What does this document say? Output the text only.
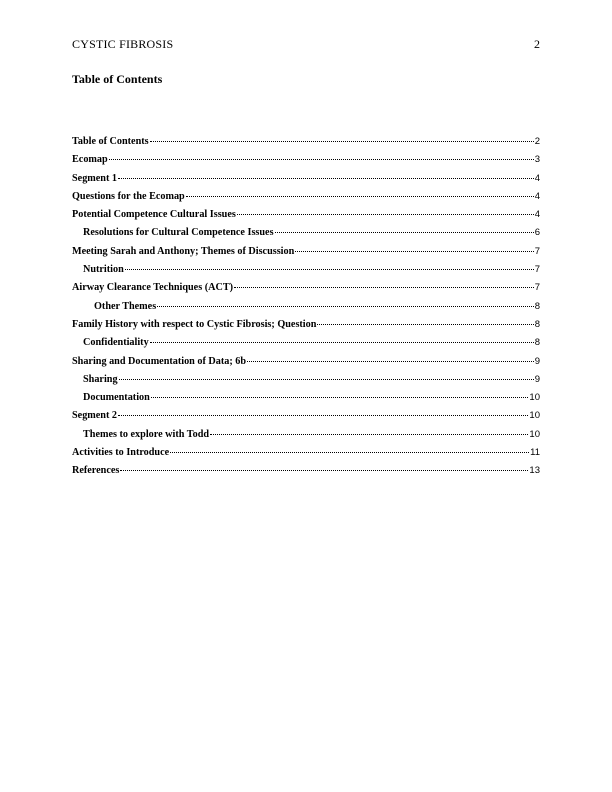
CYSTIC FIBROSIS	2
Table of Contents
Table of Contents	2
Ecomap	3
Segment 1	4
Questions for the Ecomap	4
Potential Competence Cultural Issues	4
Resolutions for Cultural Competence Issues	6
Meeting Sarah and Anthony; Themes of Discussion	7
Nutrition	7
Airway Clearance Techniques (ACT)	7
Other Themes	8
Family History with respect to Cystic Fibrosis; Question	8
Confidentiality	8
Sharing and Documentation of Data; 6b	9
Sharing	9
Documentation	10
Segment 2	10
Themes to explore with Todd	10
Activities to Introduce	11
References	13
